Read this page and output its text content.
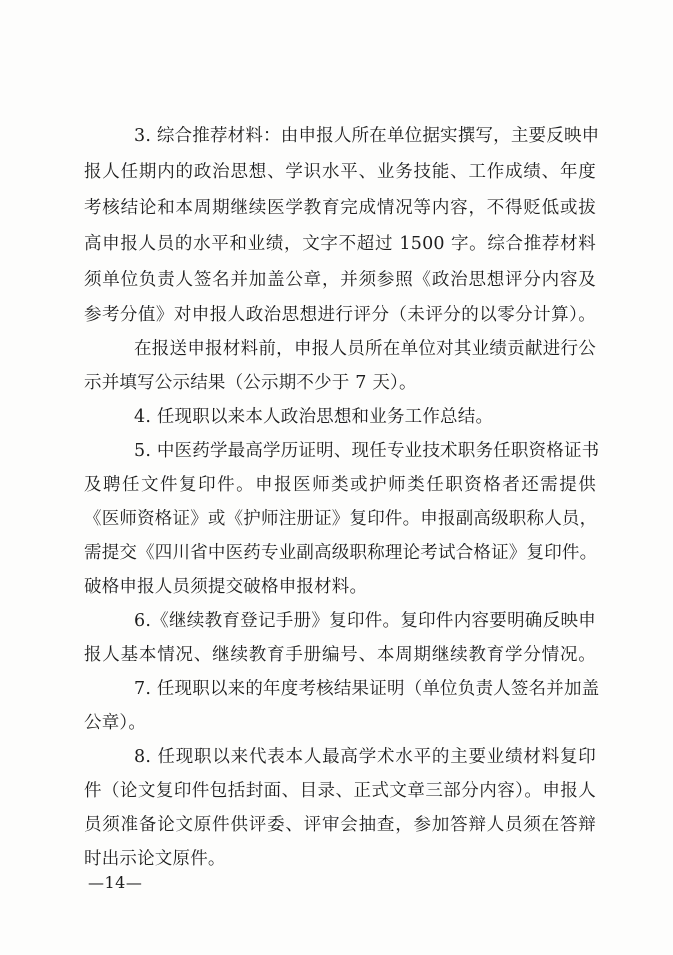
3. 综合推荐材料：由申报人所在单位据实撰写，主要反映申
报人任期内的政治思想、学识水平、业务技能、工作成绩、年度
考核结论和本周期继续医学教育完成情况等内容，不得贬低或拔
高申报人员的水平和业绩，文字不超过 1500 字。综合推荐材料
须单位负责人签名并加盖公章，并须参照《政治思想评分内容及
参考分值》对申报人政治思想进行评分（未评分的以零分计算）。
在报送申报材料前，申报人员所在单位对其业绩贡献进行公
示并填写公示结果（公示期不少于 7 天）。
4. 任现职以来本人政治思想和业务工作总结。
5. 中医药学最高学历证明、现任专业技术职务任职资格证书
及聘任文件复印件。申报医师类或护师类任职资格者还需提供
《医师资格证》或《护师注册证》复印件。申报副高级职称人员，
需提交《四川省中医药专业副高级职称理论考试合格证》复印件。
破格申报人员须提交破格申报材料。
6.《继续教育登记手册》复印件。复印件内容要明确反映申
报人基本情况、继续教育手册编号、本周期继续教育学分情况。
7. 任现职以来的年度考核结果证明（单位负责人签名并加盖
公章）。
8. 任现职以来代表本人最高学术水平的主要业绩材料复印
件（论文复印件包括封面、目录、正式文章三部分内容）。申报人
员须准备论文原件供评委、评审会抽查，参加答辩人员须在答辩
时出示论文原件。
—14—
